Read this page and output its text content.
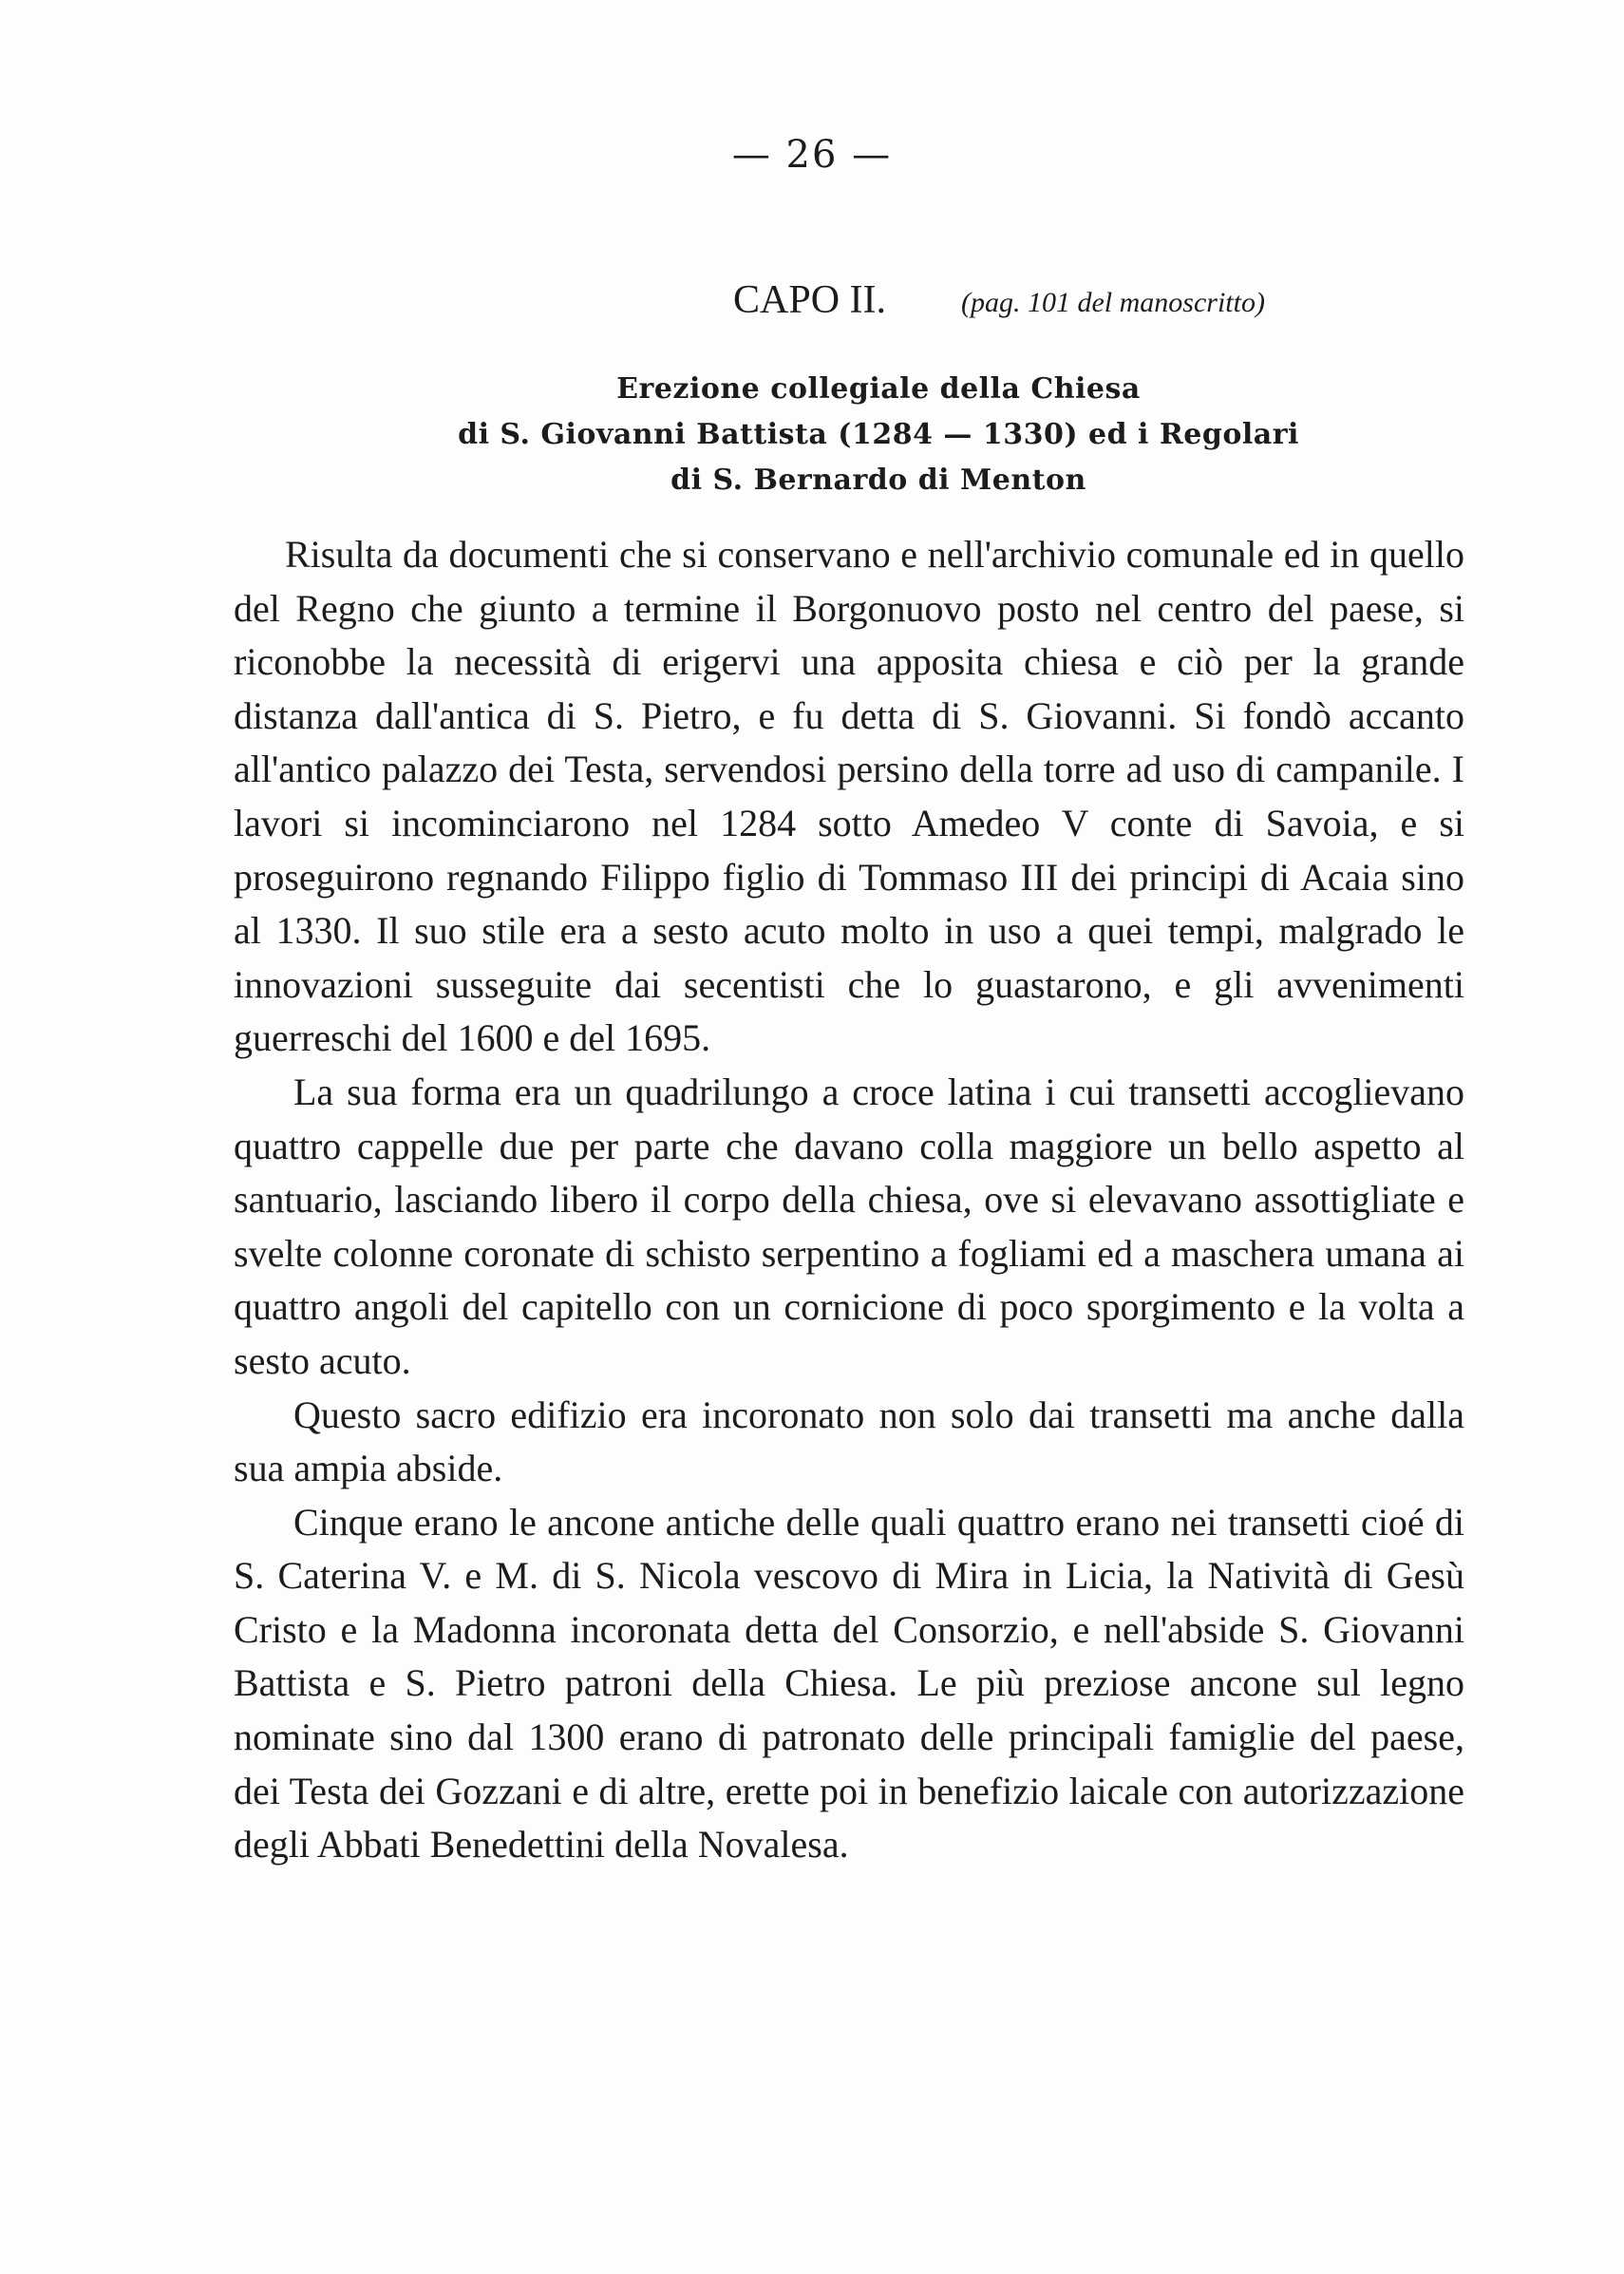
— 26 —
CAPO II.	(pag. 101 del manoscritto)
Erezione collegiale della Chiesa
di S. Giovanni Battista (1284 — 1330) ed i Regolari
di S. Bernardo di Menton

Risulta da documenti che si conservano e nell'archivio comunale ed in quello del Regno che giunto a termine il Borgonuovo posto nel centro del paese, si riconobbe la necessità di erigervi una apposita chiesa e ciò per la grande distanza dall'antica di S. Pietro, e fu detta di S. Giovanni. Si fondò accanto all'antico palazzo dei Testa, servendosi persino della torre ad uso di campanile. I lavori si incominciarono nel 1284 sotto Amedeo V conte di Savoia, e si proseguirono regnando Filippo figlio di Tommaso III dei principi di Acaia sino al 1330. Il suo stile era a sesto acuto molto in uso a quei tempi, malgrado le innovazioni susseguite dai secentisti che lo guastarono, e gli avvenimenti guerreschi del 1600 e del 1695.

La sua forma era un quadrilungo a croce latina i cui transetti accoglievano quattro cappelle due per parte che davano colla maggiore un bello aspetto al santuario, lasciando libero il corpo della chiesa, ove si elevavano assottigliate e svelte colonne coronate di schisto serpentino a fogliami ed a maschera umana ai quattro angoli del capitello con un cornicione di poco sporgimento e la volta a sesto acuto.

Questo sacro edifizio era incoronato non solo dai transetti ma anche dalla sua ampia abside.

Cinque erano le ancone antiche delle quali quattro erano nei transetti cioé di S. Caterina V. e M. di S. Nicola vescovo di Mira in Licia, la Natività di Gesù Cristo e la Madonna incoronata detta del Consorzio, e nell'abside S. Giovanni Battista e S. Pietro patroni della Chiesa. Le più preziose ancone sul legno nominate sino dal 1300 erano di patronato delle principali famiglie del paese, dei Testa dei Gozzani e di altre, erette poi in benefizio laicale con autorizzazione degli Abbati Benedettini della Novalesa.
